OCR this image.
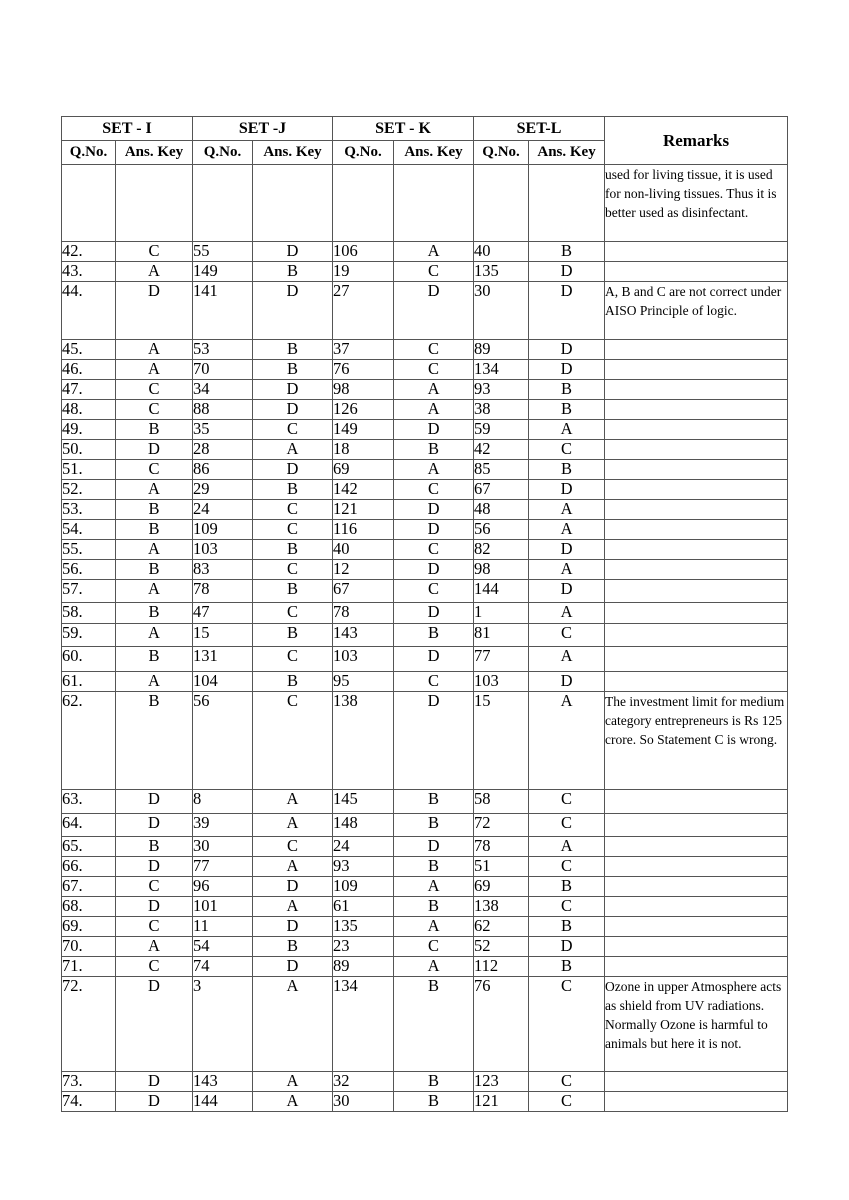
SET - I		SET -J		SET - K		SET-L		Remarks
Q.No.	Ans. Key	Q.No.	Ans. Key	Q.No.	Ans. Key	Q.No.	Ans. Key	
								used for living tissue, it is used for non-living tissues. Thus it is better used as disinfectant.
42.	C	55	D	106	A	40	B	
43.	A	149	B	19	C	135	D	
44.	D	141	D	27	D	30	D	A, B and C are not correct under AISO Principle of logic.
45.	A	53	B	37	C	89	D	
46.	A	70	B	76	C	134	D	
47.	C	34	D	98	A	93	B	
48.	C	88	D	126	A	38	B	
49.	B	35	C	149	D	59	A	
50.	D	28	A	18	B	42	C	
51.	C	86	D	69	A	85	B	
52.	A	29	B	142	C	67	D	
53.	B	24	C	121	D	48	A	
54.	B	109	C	116	D	56	A	
55.	A	103	B	40	C	82	D	
56.	B	83	C	12	D	98	A	
57.	A	78	B	67	C	144	D	
58.	B	47	C	78	D	1	A	
59.	A	15	B	143	B	81	C	
60.	B	131	C	103	D	77	A	
61.	A	104	B	95	C	103	D	
62.	B	56	C	138	D	15	A	The investment limit for medium category entrepreneurs is Rs 125 crore. So Statement C is wrong.
63.	D	8	A	145	B	58	C	
64.	D	39	A	148	B	72	C	
65.	B	30	C	24	D	78	A	
66.	D	77	A	93	B	51	C	
67.	C	96	D	109	A	69	B	
68.	D	101	A	61	B	138	C	
69.	C	11	D	135	A	62	B	
70.	A	54	B	23	C	52	D	
71.	C	74	D	89	A	112	B	
72.	D	3	A	134	B	76	C	Ozone in upper Atmosphere acts as shield from UV radiations. Normally Ozone is harmful to animals but here it is not.
73.	D	143	A	32	B	123	C	
74.	D	144	A	30	B	121	C	
